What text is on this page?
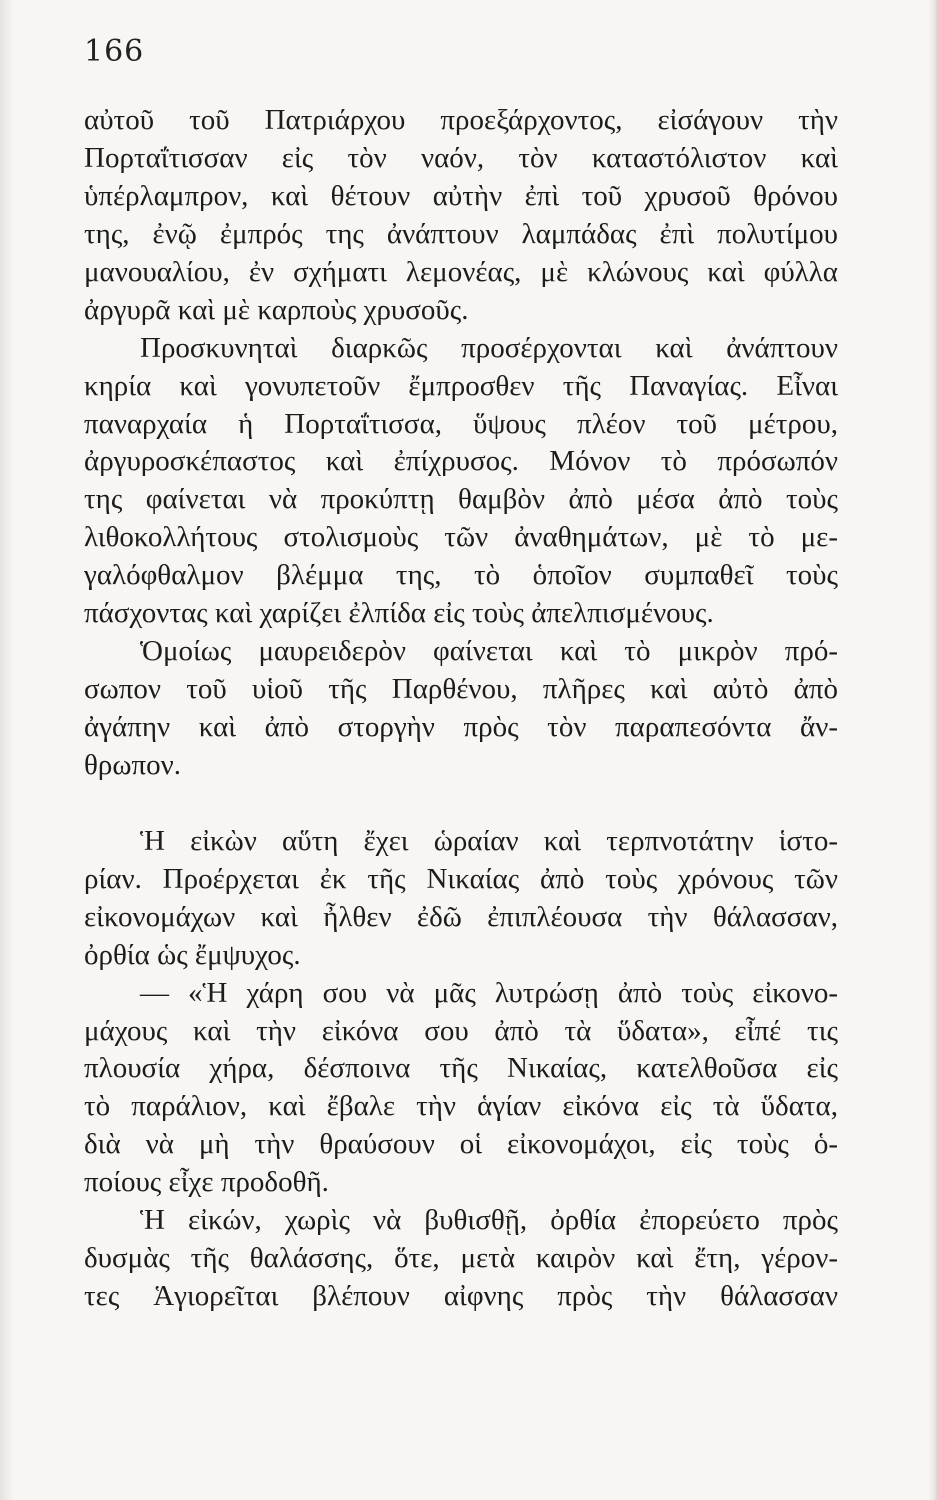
166

αὐτοῦ τοῦ Πατριάρχου προεξάρχοντος, εἰσάγουν τὴν
Πορταΐτισσαν εἰς τὸν ναόν, τὸν καταστόλιστον καὶ
ὑπέρλαμπρον, καὶ θέτουν αὐτὴν ἐπὶ τοῦ χρυσοῦ θρόνου
της, ἐνῷ ἐμπρός της ἀνάπτουν λαμπάδας ἐπὶ πολυτίμου
μανουαλίου, ἐν σχήματι λεμονέας, μὲ κλώνους καὶ φύλλα
ἀργυρᾶ καὶ μὲ καρποὺς χρυσοῦς.
Προσκυνηταὶ διαρκῶς προσέρχονται καὶ ἀνάπτουν
κηρία καὶ γονυπετοῦν ἔμπροσθεν τῆς Παναγίας. Εἶναι
παναρχαία ἡ Πορταΐτισσα, ὕψους πλέον τοῦ μέτρου,
ἀργυροσκέπαστος καὶ ἐπίχρυσος. Μόνον τὸ πρόσωπόν
της φαίνεται νὰ προκύπτῃ θαμβὸν ἀπὸ μέσα ἀπὸ τοὺς
λιθοκολλήτους στολισμοὺς τῶν ἀναθημάτων, μὲ τὸ με-
γαλόφθαλμον βλέμμα της, τὸ ὁποῖον συμπαθεῖ τοὺς
πάσχοντας καὶ χαρίζει ἐλπίδα εἰς τοὺς ἀπελπισμένους.
Ὁμοίως μαυρειδερὸν φαίνεται καὶ τὸ μικρὸν πρό-
σωπον τοῦ υἱοῦ τῆς Παρθένου, πλῆρες καὶ αὐτὸ ἀπὸ
ἀγάπην καὶ ἀπὸ στοργὴν πρὸς τὸν παραπεσόντα ἄν-
θρωπον.
Ἡ εἰκὼν αὕτη ἔχει ὡραίαν καὶ τερπνοτάτην ἱστο-
ρίαν. Προέρχεται ἐκ τῆς Νικαίας ἀπὸ τοὺς χρόνους τῶν
εἰκονομάχων καὶ ἦλθεν ἐδῶ ἐπιπλέουσα τὴν θάλασσαν,
ὀρθία ὡς ἔμψυχος.
— «Ἡ χάρη σου νὰ μᾶς λυτρώσῃ ἀπὸ τοὺς εἰκονο-
μάχους καὶ τὴν εἰκόνα σου ἀπὸ τὰ ὕδατα», εἶπέ τις
πλουσία χήρα, δέσποινα τῆς Νικαίας, κατελθοῦσα εἰς
τὸ παράλιον, καὶ ἔβαλε τὴν ἁγίαν εἰκόνα εἰς τὰ ὕδατα,
διὰ νὰ μὴ τὴν θραύσουν οἱ εἰκονομάχοι, εἰς τοὺς ὁ-
ποίους εἶχε προδοθῆ.
Ἡ εἰκών, χωρὶς νὰ βυθισθῇ, ὀρθία ἐπορεύετο πρὸς
δυσμὰς τῆς θαλάσσης, ὅτε, μετὰ καιρὸν καὶ ἔτη, γέρον-
τες Ἁγιορεῖται βλέπουν αἰφνης πρὸς τὴν θάλασσαν
